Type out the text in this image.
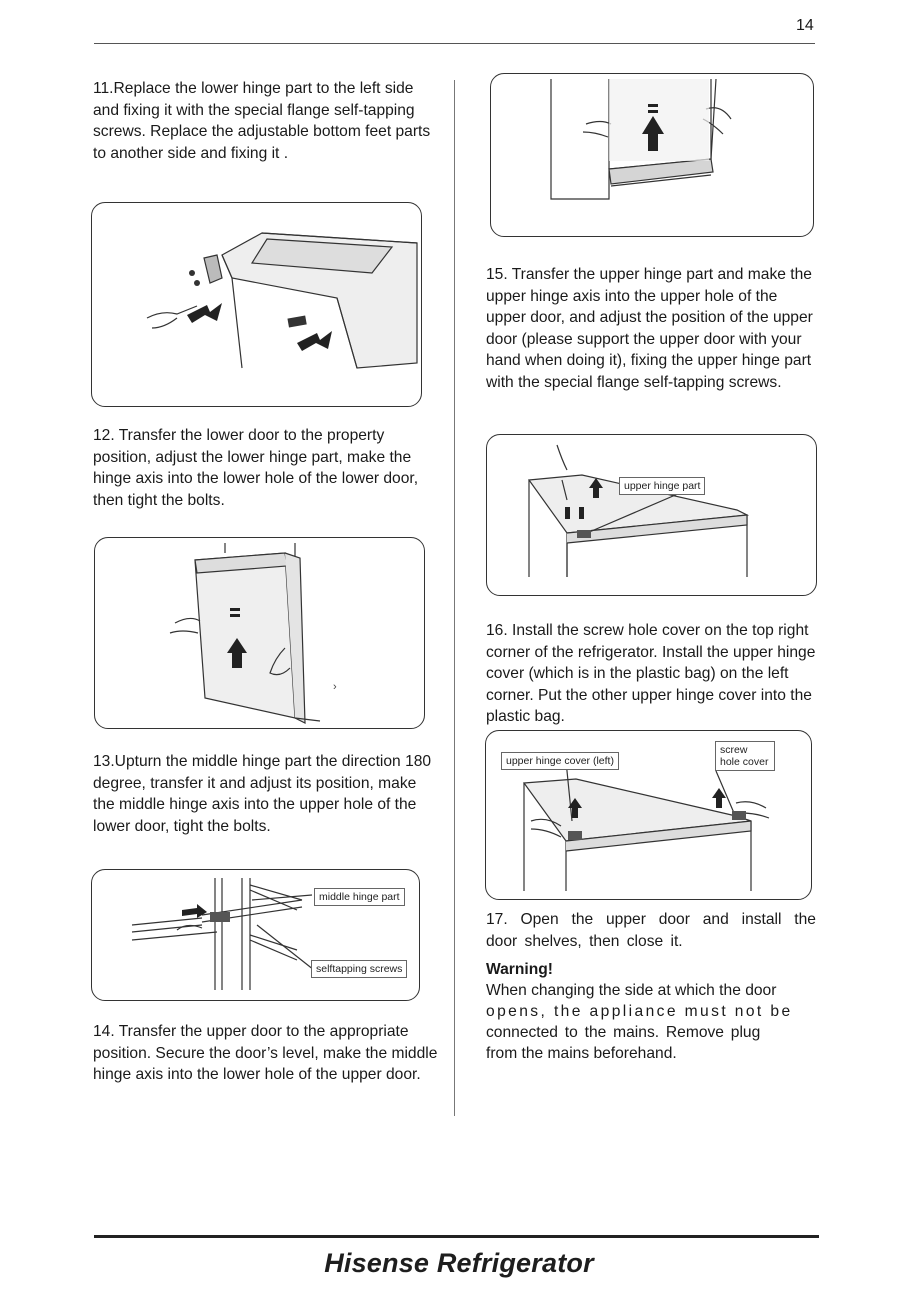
14

11.Replace the lower hinge part to the left side and fixing it with the special flange self-tapping screws. Replace the adjustable bottom feet parts to another side and fixing it .

12. Transfer the lower door to the property position, adjust the lower hinge part, make the hinge axis into the lower hole of the lower door, then tight the bolts.

›

13.Upturn the middle hinge part the direction 180 degree, transfer it and adjust its position, make the middle hinge axis into the upper hole of the lower door, tight the bolts.

middle hinge part
selftapping screws

14. Transfer the upper door to the appropriate position. Secure the door’s level, make the middle hinge axis into the lower hole of the upper door.

15. Transfer the upper hinge part and make the upper hinge axis into the upper hole of the upper door, and adjust the position of the upper door (please support the upper door with your hand when doing it), fixing the upper hinge part with the special flange self-tapping screws.

upper hinge part

16. Install the screw hole cover on the top right corner of the refrigerator. Install the upper hinge cover (which is in the plastic bag) on the left corner. Put the other upper hinge cover into the plastic bag.

upper hinge cover (left)
screw hole cover

17. Open the upper door and install the door shelves, then close it.

Warning!
When changing the side at which the door
opens, the appliance must not be
connected to the mains. Remove plug
from the mains beforehand.
Hisense Refrigerator
